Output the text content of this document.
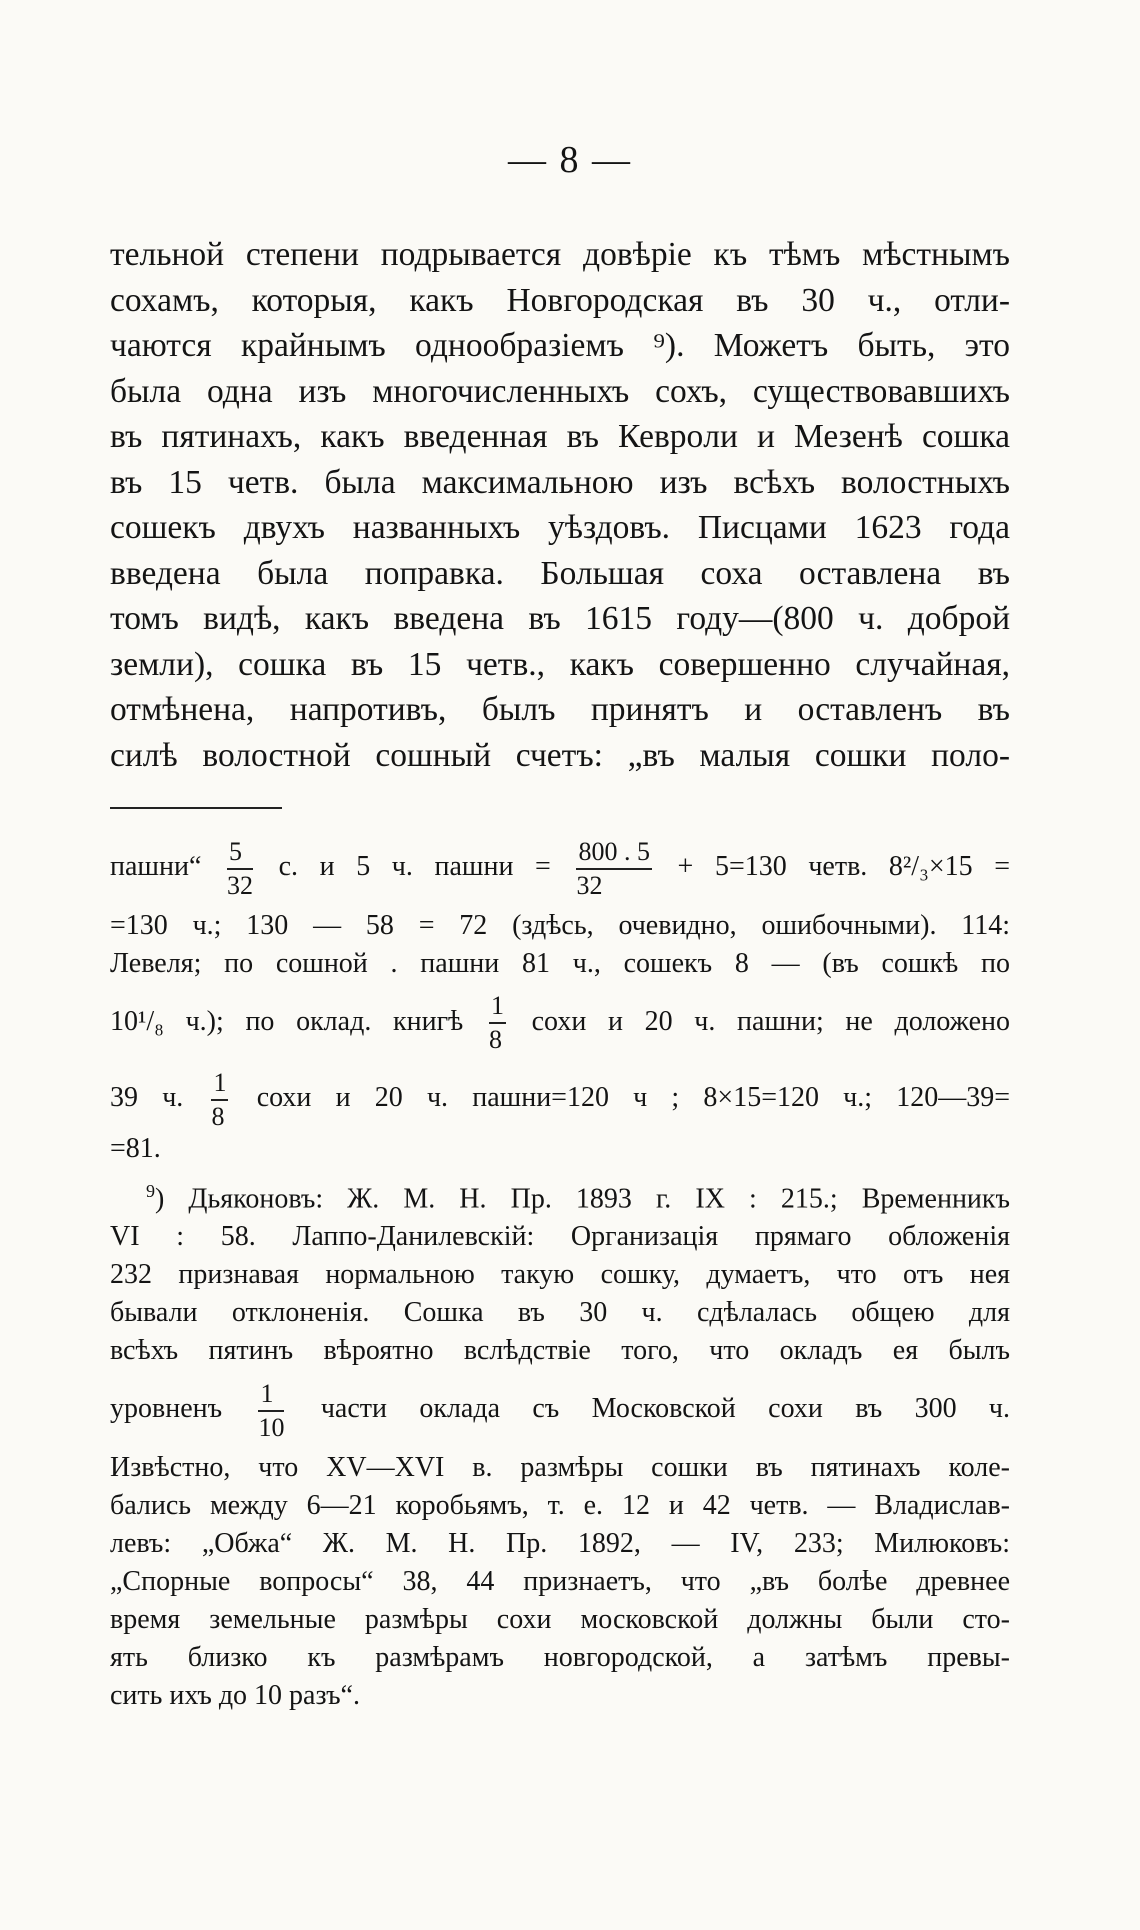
— 8 —
тельной степени подрывается довѣріе къ тѣмъ мѣстнымъ
сохамъ, которыя, какъ Новгородская въ 30 ч., отли-
чаются крайнымъ однообразіемъ ⁹). Можетъ быть, это
была одна изъ многочисленныхъ сохъ, существовавшихъ
въ пятинахъ, какъ введенная въ Кеврoли и Мезенѣ сошка
въ 15 четв. была максимальною изъ всѣхъ волостныхъ
сошекъ двухъ названныхъ уѣздовъ. Писцами 1623 года
введена была поправка. Большая соха оставлена въ
томъ видѣ, какъ введена въ 1615 году—(800 ч. доброй
земли), сошка въ 15 четв., какъ совершенно случайная,
отмѣнена, напротивъ, былъ принятъ и оставленъ въ
силѣ волостной сошный счетъ: „въ малыя сошки поло-
пашни“ $\frac{5}{32} с$. и 5 ч. пашни = $\frac{800 . 5}{32} + 5=130$ четв. 8²/₃×15 =
=130 ч.; 130 — 58 = 72 (здѣсь, очевидно, ошибочными). 114:
Левеля; по сошной . пашни 81 ч., сошекъ 8 — (въ сошкѣ по
10¹/₈ ч.); по оклад. книгѣ $\frac{1}{8}$ сохи и 20 ч. пашни; не доложено
39 ч. $\frac{1}{8}$ сохи и 20 ч. пашни=120 ч ; 8×15=120 ч.; 120—39=
=81.
$^9$) Дьяконовъ: Ж. М. Н. Пр. 1893 г. IX : 215.; Временникъ
VI : 58. Лаппо-Данилевскій: Организація прямаго обложенія
232 признавая нормальною такую сошку, думаетъ, что отъ нея
бывали отклоненія. Сошка въ 30 ч. сдѣлалась общею для
всѣхъ пятинъ вѣроятно вслѣдствіе того, что окладъ ея былъ
уровненъ $\frac{1}{10}$ части оклада съ Московской сохи въ 300 ч.
Извѣстно, что XV—XVI в. размѣры сошки въ пятинахъ коле-
бались между 6—21 коробьямъ, т. е. 12 и 42 четв. — Владислав-
левъ: „Обжа“ Ж. М. Н. Пр. 1892, — IV, 233; Милюковъ:
„Спорные вопросы“ 38, 44 признаетъ, что „въ болѣе древнее
время земельные размѣры сохи московской должны были сто-
ять близко къ размѣрамъ новгородской, а затѣмъ превы-
сить ихъ до 10 разъ“.
